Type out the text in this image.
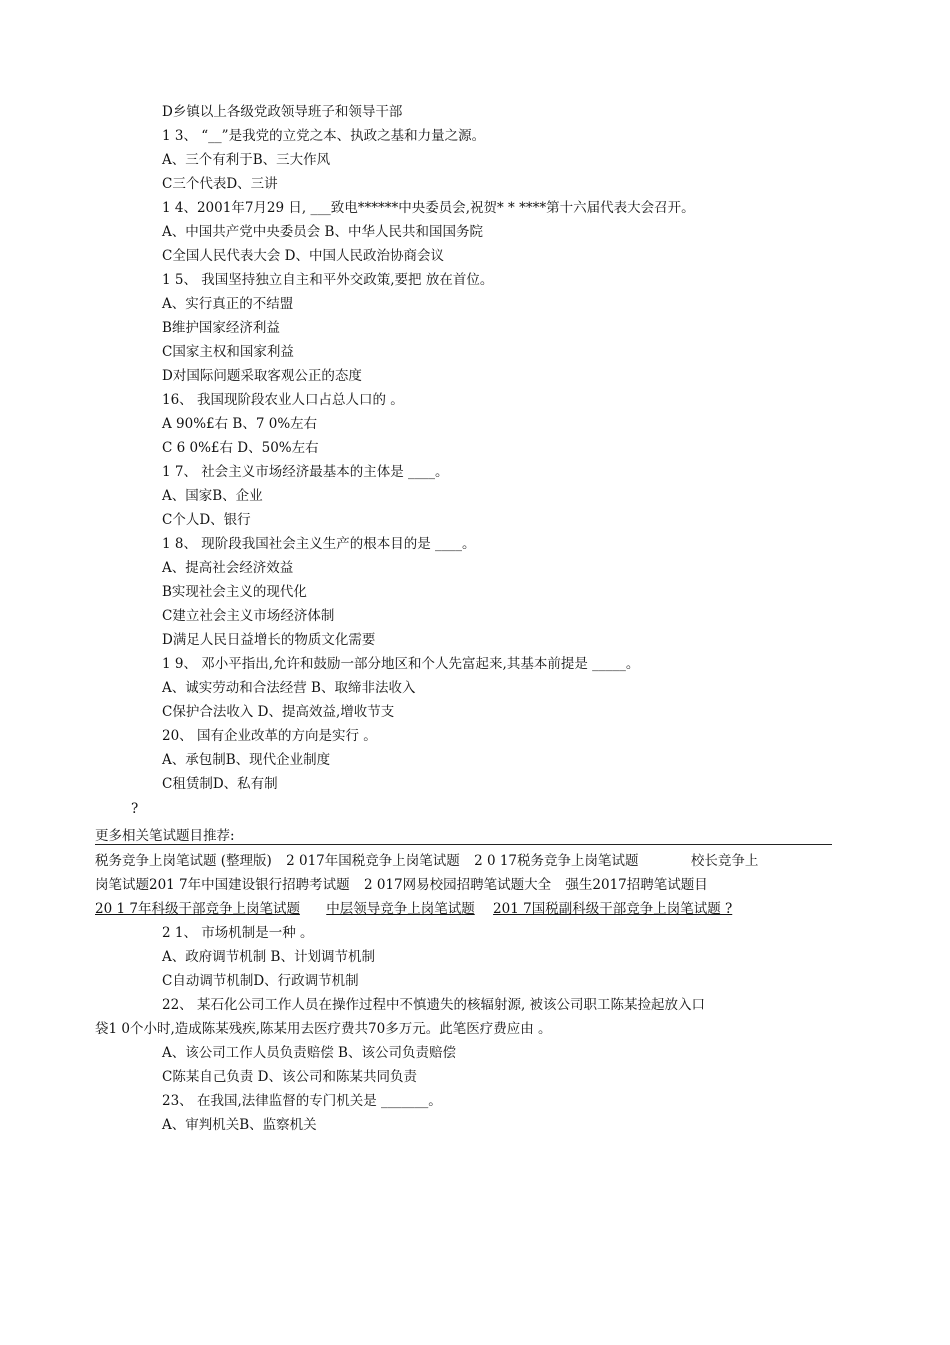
D乡镇以上各级党政领导班子和领导干部
1 3、 “__”是我党的立党之本、执政之基和力量之源。
A、三个有利于B、三大作风
C三个代表D、三讲
1 4、2001年7月29 日, ___致电******中央委员会,祝贺* * ****第十六届代表大会召开。
A、中国共产党中央委员会 B、中华人民共和国国务院
C全国人民代表大会 D、中国人民政治协商会议
1 5、 我国坚持独立自主和平外交政策,要把 放在首位。
A、实行真正的不结盟
B维护国家经济利益
C国家主权和国家利益
D对国际问题采取客观公正的态度
16、 我国现阶段农业人口占总人口的 。
A 90%£右 B、7 0%左右
C 6 0%£右 D、50%左右
1 7、 社会主义市场经济最基本的主体是 ____。
A、国家B、企业
C个人D、银行
1 8、 现阶段我国社会主义生产的根本目的是 ____。
A、提高社会经济效益
B实现社会主义的现代化
C建立社会主义市场经济体制
D满足人民日益增长的物质文化需要
1 9、 邓小平指出,允许和鼓励一部分地区和个人先富起来,其基本前提是 _____。
A、诚实劳动和合法经营 B、取缔非法收入
C保护合法收入 D、提高效益,增收节支
20、 国有企业改革的方向是实行 。
A、承包制B、现代企业制度
C租赁制D、私有制
?
更多相关笔试题目推荐:
税务竞争上岗笔试题 (整理版) 2 017年国税竞争上岗笔试题 2 0 17税务竞争上岗笔试题	校长竞争上
岗笔试题201 7年中国建设银行招聘考试题 2 017网易校园招聘笔试题大全 强生2017招聘笔试题目
20 1 7年科级干部竞争上岗笔试题 中层领导竞争上岗笔试题 201 7国税副科级干部竞争上岗笔试题 ?
2 1、 市场机制是一种 。
A、政府调节机制 B、计划调节机制
C自动调节机制D、行政调节机制
22、 某石化公司工作人员在操作过程中不慎遗失的核辐射源, 被该公司职工陈某捡起放入口
袋1 0个小时,造成陈某残疾,陈某用去医疗费共70多万元。此笔医疗费应由 。
A、该公司工作人员负责赔偿 B、该公司负责赔偿
C陈某自己负责 D、该公司和陈某共同负责
23、 在我国,法律监督的专门机关是 _______。
A、审判机关B、监察机关
